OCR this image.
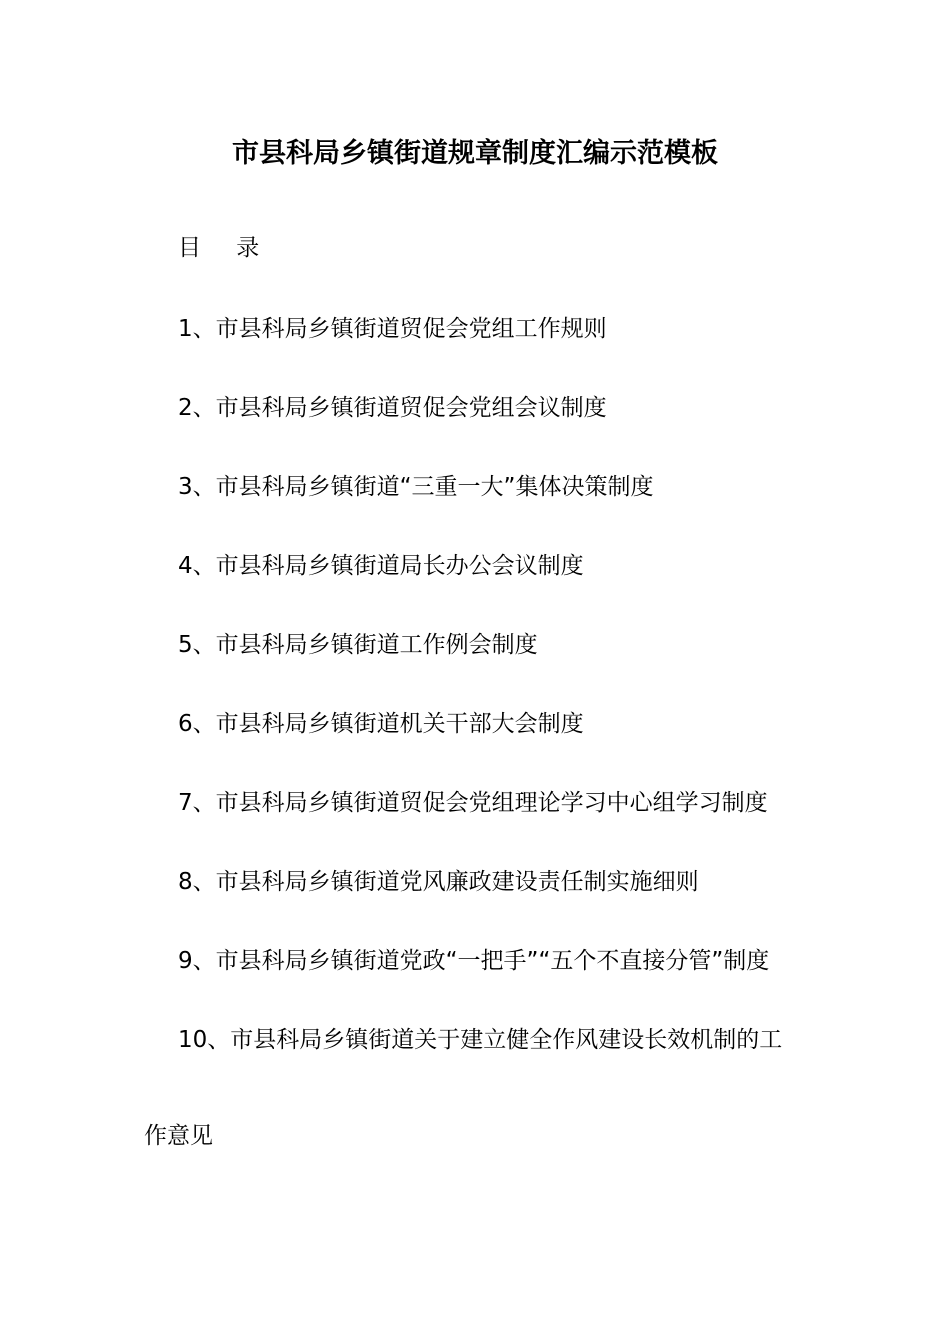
市县科局乡镇街道规章制度汇编示范模板
目 录
1、市县科局乡镇街道贸促会党组工作规则
2、市县科局乡镇街道贸促会党组会议制度
3、市县科局乡镇街道“三重一大”集体决策制度
4、市县科局乡镇街道局长办公会议制度
5、市县科局乡镇街道工作例会制度
6、市县科局乡镇街道机关干部大会制度
7、市县科局乡镇街道贸促会党组理论学习中心组学习制度
8、市县科局乡镇街道党风廉政建设责任制实施细则
9、市县科局乡镇街道党政“一把手”“五个不直接分管”制度
10、市县科局乡镇街道关于建立健全作风建设长效机制的工
作意见
